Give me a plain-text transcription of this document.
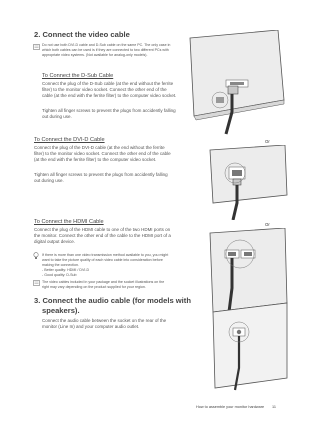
2. Connect the video cable
Do not use both DVI-D cable and D-Sub cable on the same PC. The only case in which both cables can be used is if they are connected to two different PCs with appropriate video systems. (Not available for analog-only models).
To Connect the D-Sub Cable
Connect the plug of the D-Sub cable (at the end without the ferrite filter) to the monitor video socket. Connect the other end of the cable (at the end with the ferrite filter) to the computer video socket.
Tighten all finger screws to prevent the plugs from accidently falling out during use.
To Connect the DVI-D Cable
Connect the plug of the DVI-D cable (at the end without the ferrite filter) to the monitor video socket. Connect the other end of the cable (at the end with the ferrite filter) to the computer video socket.
Tighten all finger screws to prevent the plugs from accidently falling out during use.
To Connect the HDMI Cable
Connect the plug of the HDMI cable to one of the two HDMI ports on the monitor. Connect the other end of the cable to the HDMI port of a digital output device.
If there is more than one video transmission method available to you, you might want to take the picture quality of each video cable into consideration before making the connection.
- Better quality: HDMI / DVI-D
- Good quality: D-Sub
The video cables included in your package and the socket illustrations on the right may vary depending on the product supplied for your region.
3. Connect the audio cable (for models with
speakers).
Connect the audio cable between the socket on the rear of the monitor (Line In) and your computer audio outlet.
Or
Or
How to assemble your monitor hardware 11
